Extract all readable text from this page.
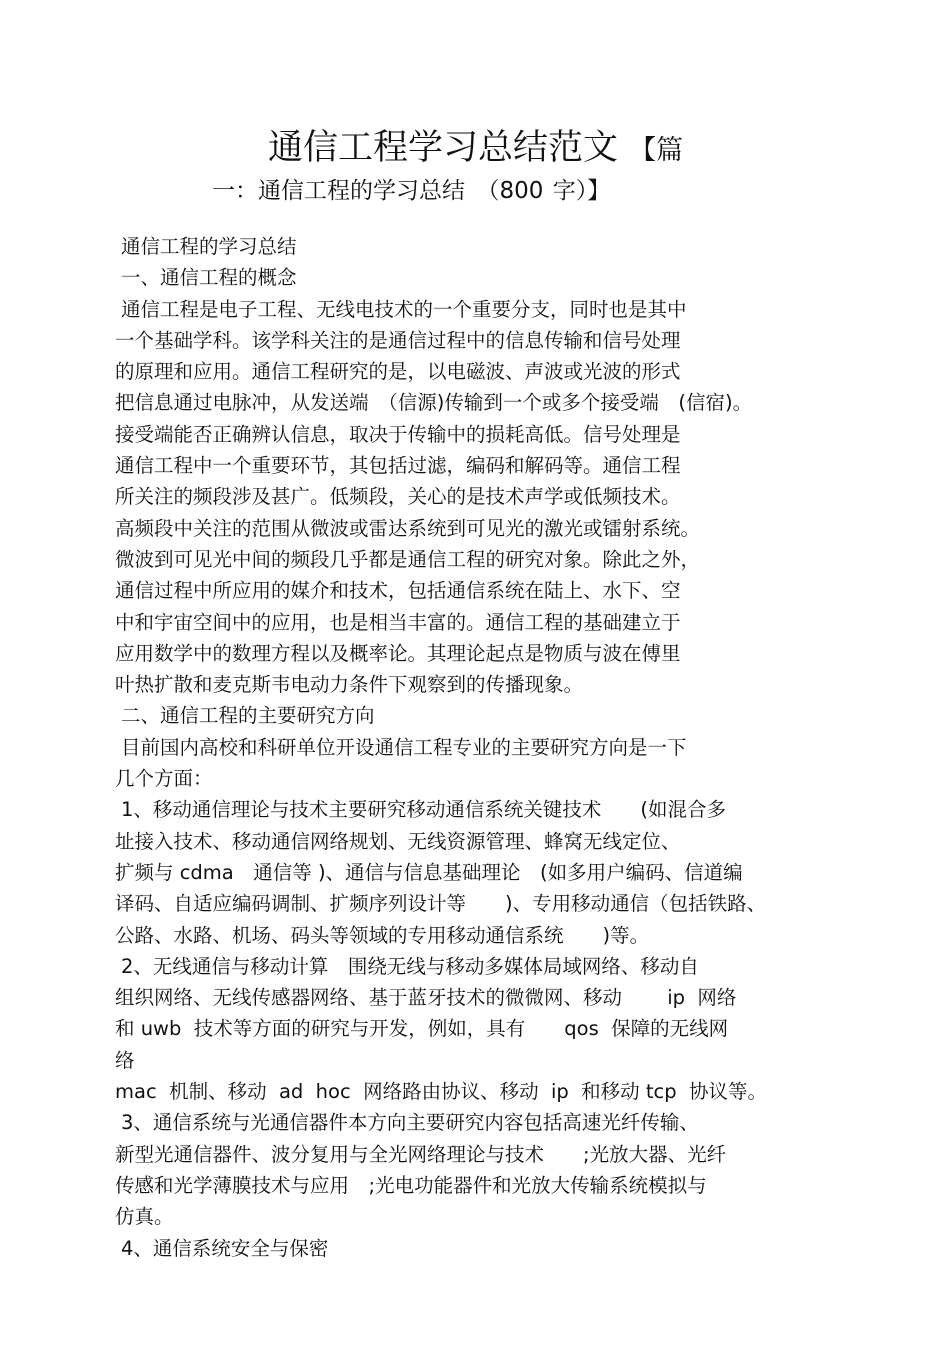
通信工程学习总结范文 【篇
一：通信工程的学习总结　（800 字）】
通信工程的学习总结
一、通信工程的概念
通信工程是电子工程、无线电技术的一个重要分支，同时也是其中
一个基础学科。该学科关注的是通信过程中的信息传输和信号处理
的原理和应用。通信工程研究的是，以电磁波、声波或光波的形式
把信息通过电脉冲，从发送端　（信源)传输到一个或多个接受端　(信宿)。
接受端能否正确辨认信息，取决于传输中的损耗高低。信号处理是
通信工程中一个重要环节，其包括过滤，编码和解码等。通信工程
所关注的频段涉及甚广。低频段，关心的是技术声学或低频技术。
高频段中关注的范围从微波或雷达系统到可见光的激光或镭射系统。
微波到可见光中间的频段几乎都是通信工程的研究对象。除此之外，
通信过程中所应用的媒介和技术，包括通信系统在陆上、水下、空
中和宇宙空间中的应用，也是相当丰富的。通信工程的基础建立于
应用数学中的数理方程以及概率论。其理论起点是物质与波在傅里
叶热扩散和麦克斯韦电动力条件下观察到的传播现象。
二、通信工程的主要研究方向
目前国内高校和科研单位开设通信工程专业的主要研究方向是一下
几个方面：
1、移动通信理论与技术主要研究移动通信系统关键技术　　(如混合多
址接入技术、移动通信网络规划、无线资源管理、蜂窝无线定位、
扩频与 cdma　通信等 )、通信与信息基础理论　(如多用户编码、信道编
译码、自适应编码调制、扩频序列设计等　　)、专用移动通信（包括铁路、
公路、水路、机场、码头等领域的专用移动通信系统　　)等。
2、无线通信与移动计算　围绕无线与移动多媒体局域网络、移动自
组织网络、无线传感器网络、基于蓝牙技术的微微网、移动　　 ip  网络
和 uwb  技术等方面的研究与开发，例如，具有　　qos  保障的无线网
络
mac  机制、移动  ad  hoc  网络路由协议、移动  ip  和移动 tcp  协议等。
3、通信系统与光通信器件本方向主要研究内容包括高速光纤传输、
新型光通信器件、波分复用与全光网络理论与技术　　;光放大器、光纤
传感和光学薄膜技术与应用　;光电功能器件和光放大传输系统模拟与
仿真。
4、通信系统安全与保密
